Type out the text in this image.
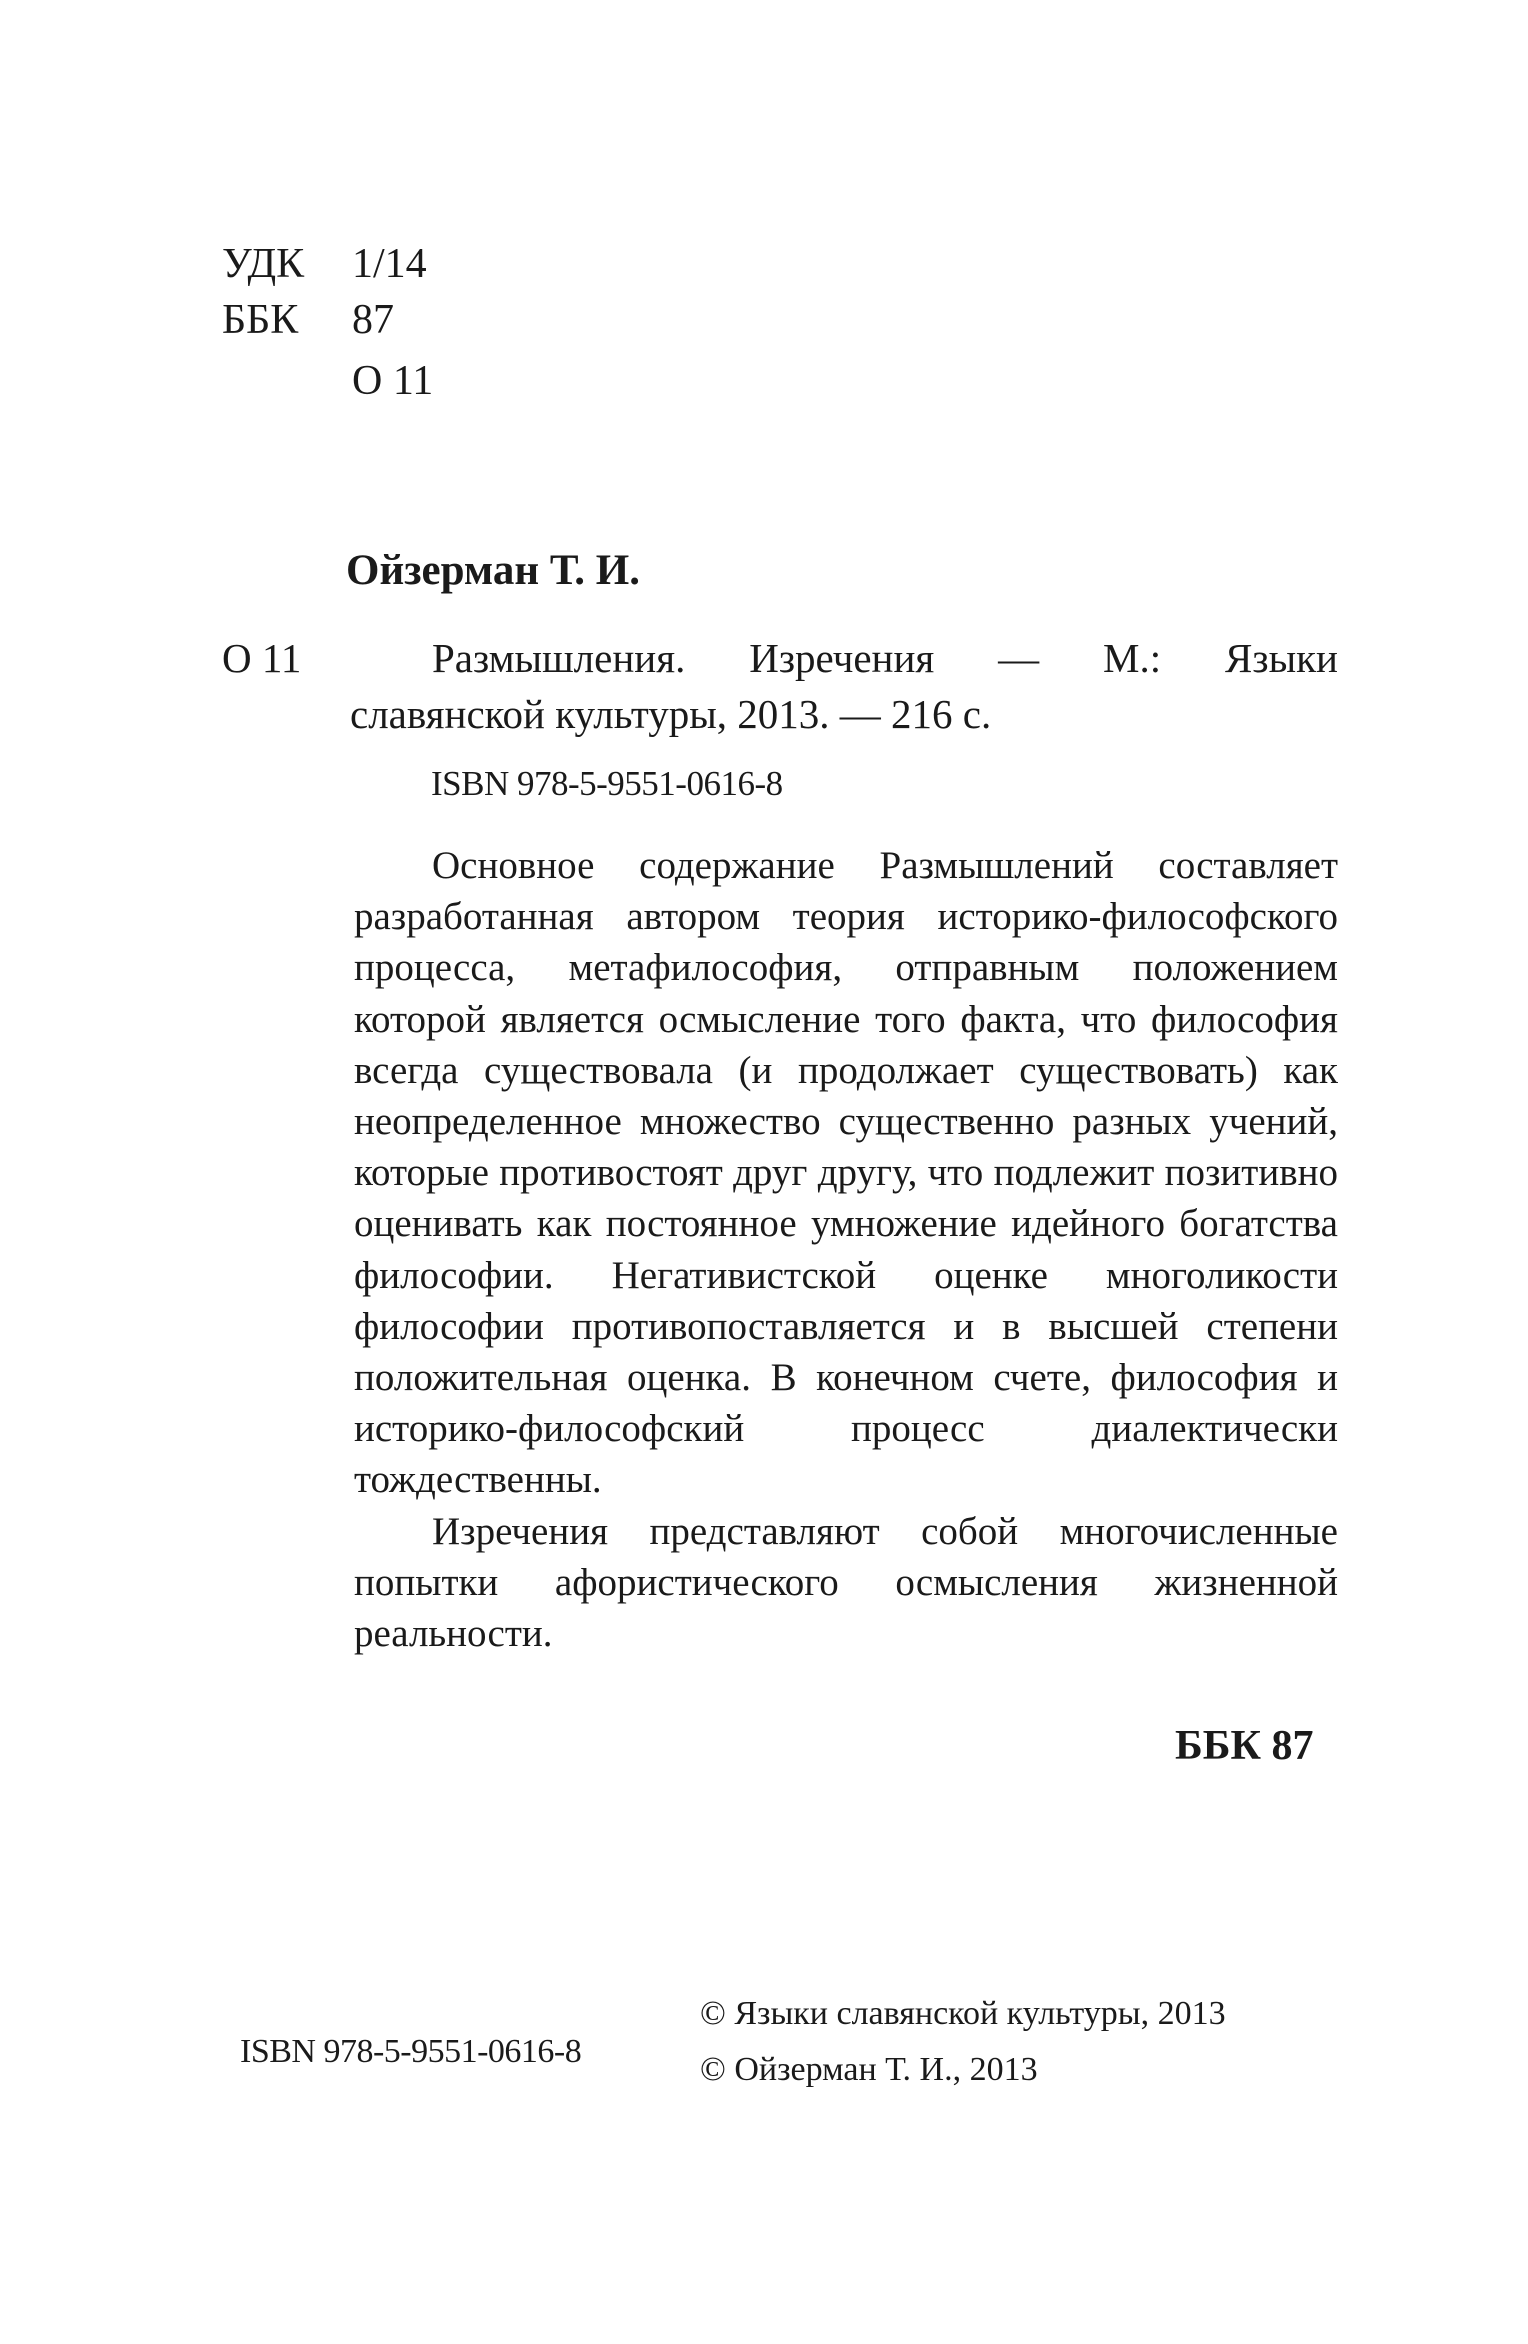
УДК 1/14
ББК 87
О 11
Ойзерман Т. И.
О 11	Размышления. Изречения — М.: Языки
славянской культуры, 2013. — 216 с.
ISBN 978-5-9551-0616-8

Основное содержание Размышлений составляет разработанная автором теория историко-философского процесса, метафилософия, отправным положением которой является осмысление того факта, что философия всегда существовала (и продолжает существовать) как неопределенное множество существенно разных учений, которые противостоят друг другу, что подлежит позитивно оценивать как постоянное умножение идейного богатства философии. Негативистской оценке многоликости философии противопоставляется и в высшей степени положительная оценка. В конечном счете, философия и историко-философский процесс диалектически тождественны.

Изречения представляют собой многочисленные попытки афористического осмысления жизненной реальности.

ББК 87
ISBN 978-5-9551-0616-8
© Языки славянской культуры, 2013
© Ойзерман Т. И., 2013
